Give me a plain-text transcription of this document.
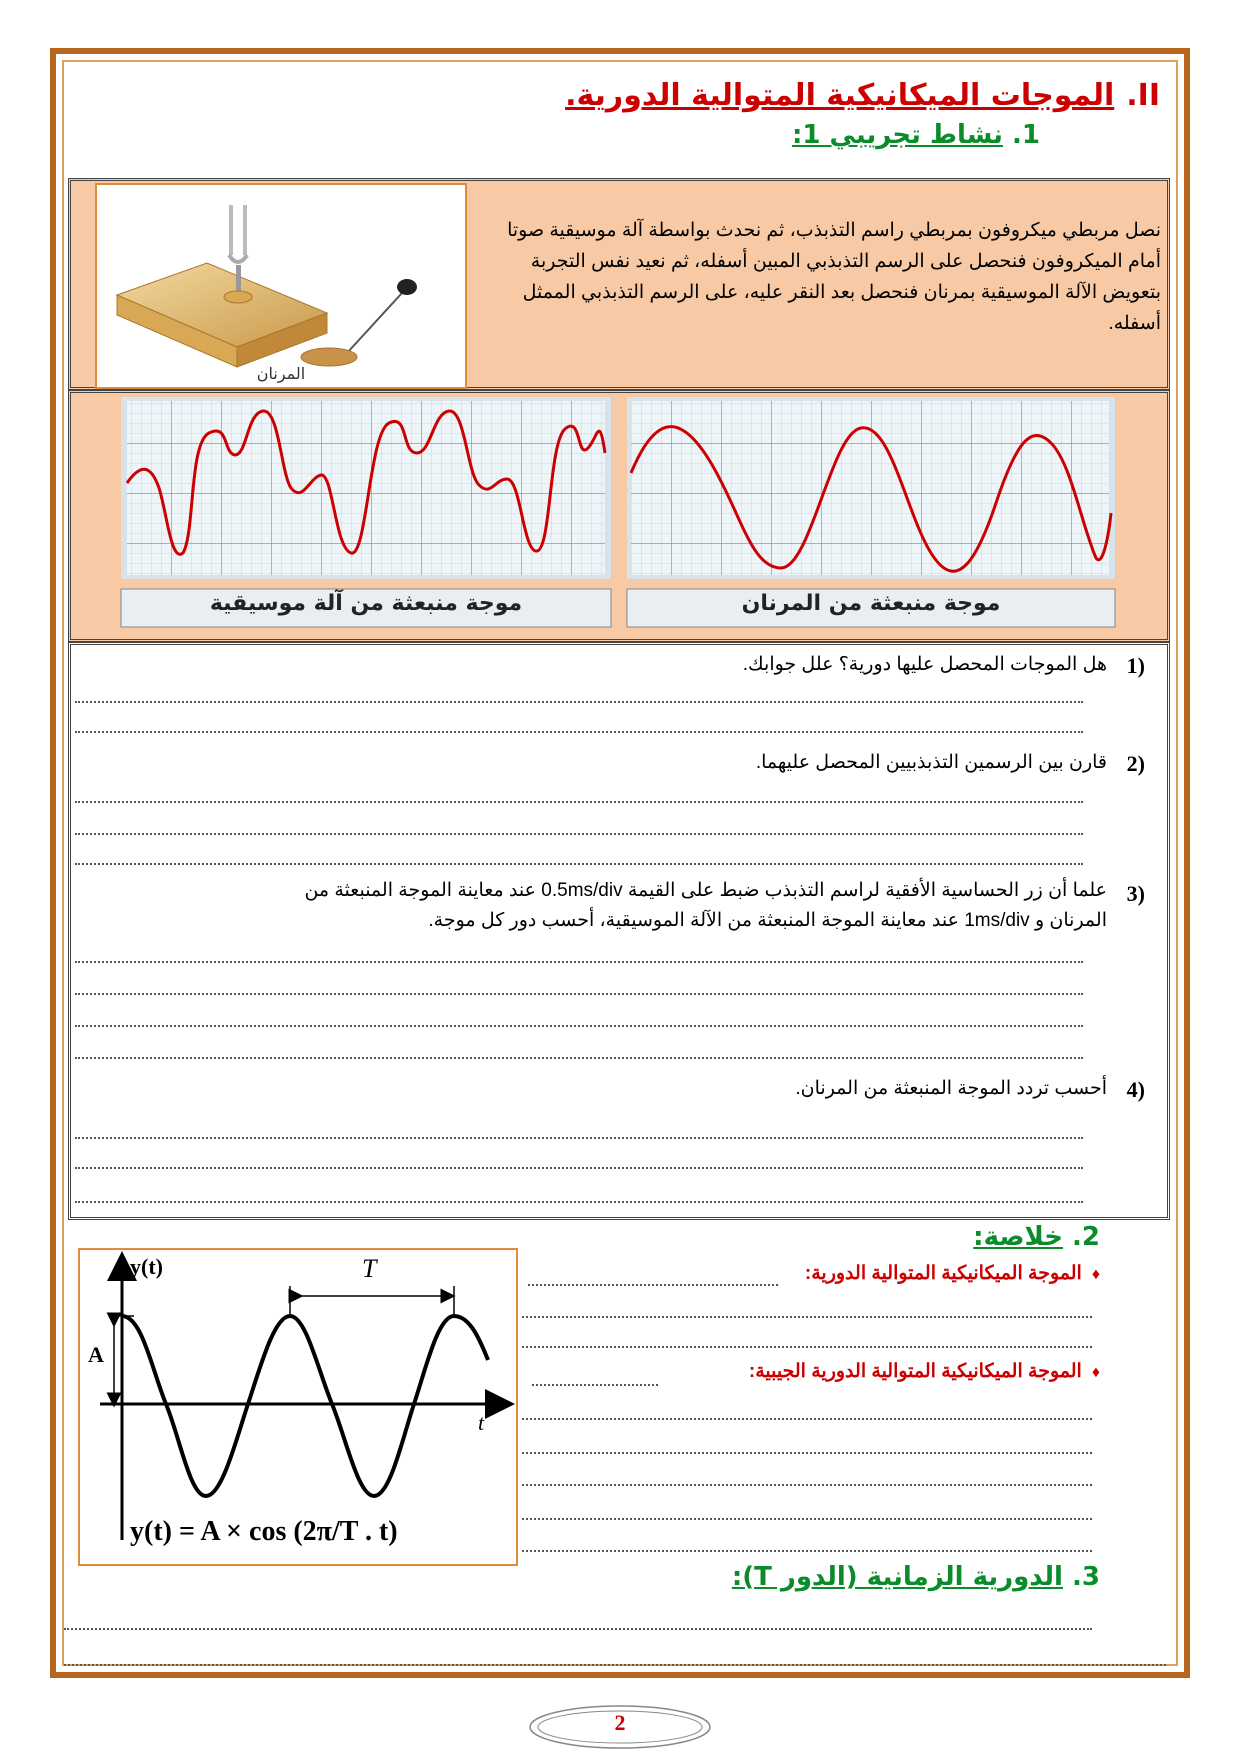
II.الموجات الميكانيكية المتوالية الدورية.
1. نشاط تجريبي 1:
المرنان
نصل مربطي ميكروفون بمربطي راسم التذبذب، ثم نحدث بواسطة آلة موسيقية صوتا أمام الميكروفون فنحصل على الرسم التذبذبي المبين أسفله، ثم نعيد نفس التجربة بتعويض الآلة الموسيقية بمرنان فنحصل بعد النقر عليه، على الرسم التذبذبي الممثل أسفله.
موجة منبعثة من آلة موسيقية	موجة منبعثة من المرنان
1)
هل الموجات المحصل عليها دورية؟ علل جوابك.
2)
قارن بين الرسمين التذبذبيين المحصل عليهما.
3)
علما أن زر الحساسية الأفقية لراسم التذبذب ضبط على القيمة 0.5ms/div عند معاينة الموجة المنبعثة من
المرنان و 1ms/div عند معاينة الموجة المنبعثة من الآلة الموسيقية، أحسب دور كل موجة.
4)
أحسب تردد الموجة المنبعثة من المرنان.
2. خلاصة:
y(t)
A
T
t
y(t) = A × cos (2π/T . t)
♦الموجة الميكانيكية المتوالية الدورية:
♦الموجة الميكانيكية المتوالية الدورية الجيبية:
3. الدورية الزمانية (الدور T):
2
